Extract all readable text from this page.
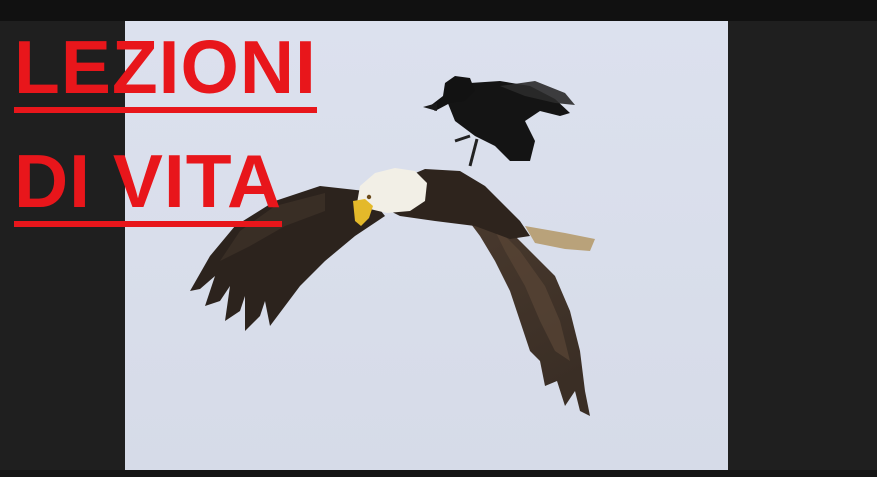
LEZIONI
DI VITA
